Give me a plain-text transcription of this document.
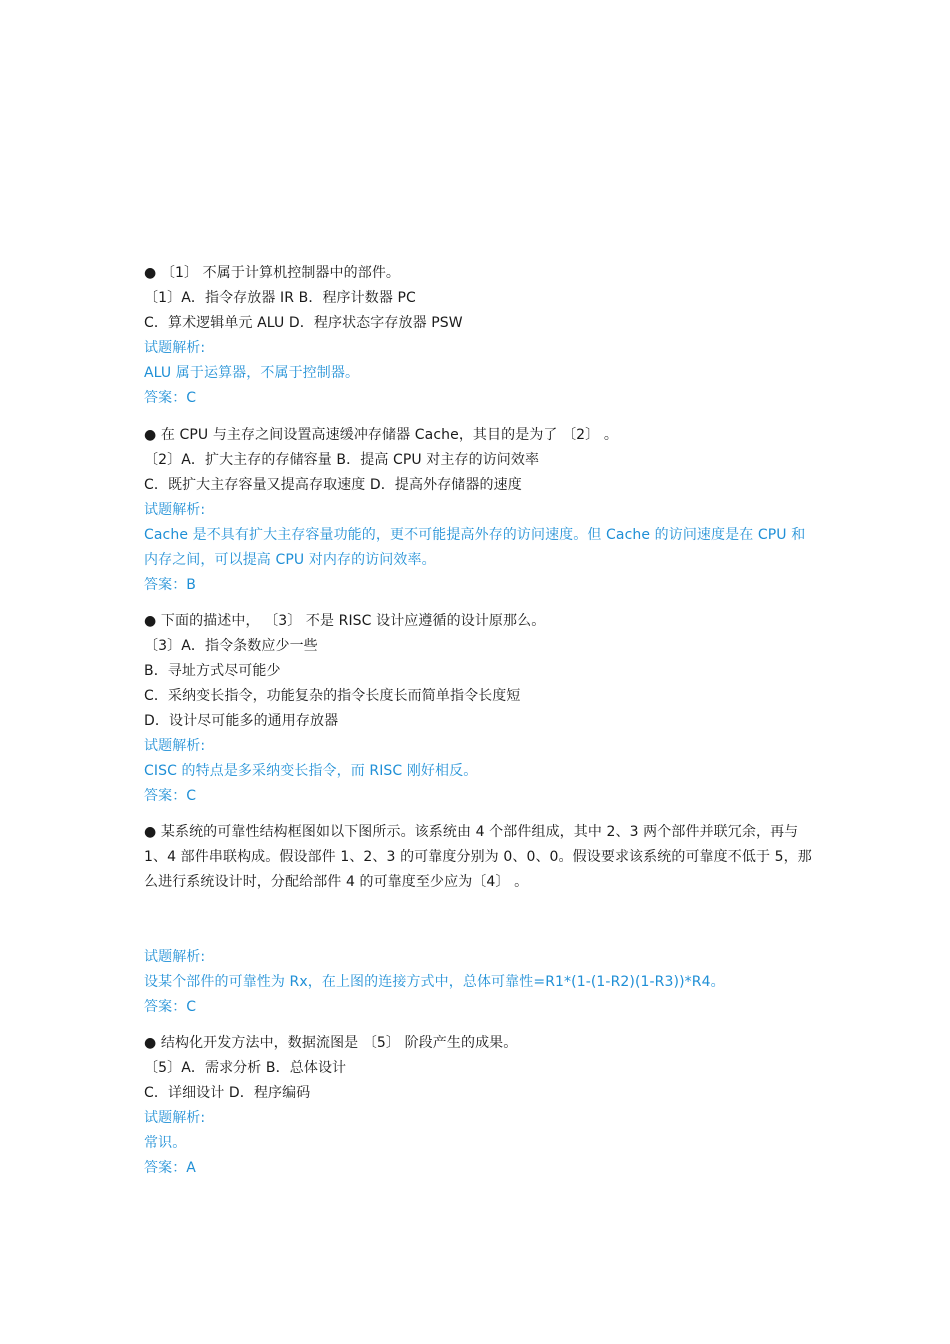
● 〔1〕 不属于计算机控制器中的部件。
〔1〕A．指令存放器 IR B．程序计数器 PC
C．算术逻辑单元 ALU D．程序状态字存放器 PSW
试题解析:
ALU 属于运算器，不属于控制器。
答案：C
● 在 CPU 与主存之间设置高速缓冲存储器 Cache，其目的是为了 〔2〕 。
〔2〕A．扩大主存的存储容量 B．提高 CPU 对主存的访问效率
C．既扩大主存容量又提高存取速度 D．提高外存储器的速度
试题解析:
Cache 是不具有扩大主存容量功能的，更不可能提高外存的访问速度。但 Cache 的访问速度是在 CPU 和
内存之间，可以提高 CPU 对内存的访问效率。
答案：B
● 下面的描述中， 〔3〕 不是 RISC 设计应遵循的设计原那么。
〔3〕A．指令条数应少一些
B．寻址方式尽可能少
C．采纳变长指令，功能复杂的指令长度长而简单指令长度短
D．设计尽可能多的通用存放器
试题解析:
CISC 的特点是多采纳变长指令，而 RISC 刚好相反。
答案：C
● 某系统的可靠性结构框图如以下图所示。该系统由 4 个部件组成，其中 2、3 两个部件并联冗余，再与
1、4 部件串联构成。假设部件 1、2、3 的可靠度分别为 0、0、0。假设要求该系统的可靠度不低于 5，那
么进行系统设计时，分配给部件 4 的可靠度至少应为〔4〕 。
试题解析:
设某个部件的可靠性为 Rx，在上图的连接方式中，总体可靠性=R1*(1-(1-R2)(1-R3))*R4。
答案：C
● 结构化开发方法中，数据流图是 〔5〕 阶段产生的成果。
〔5〕A．需求分析 B．总体设计
C．详细设计 D．程序编码
试题解析:
常识。
答案：A
